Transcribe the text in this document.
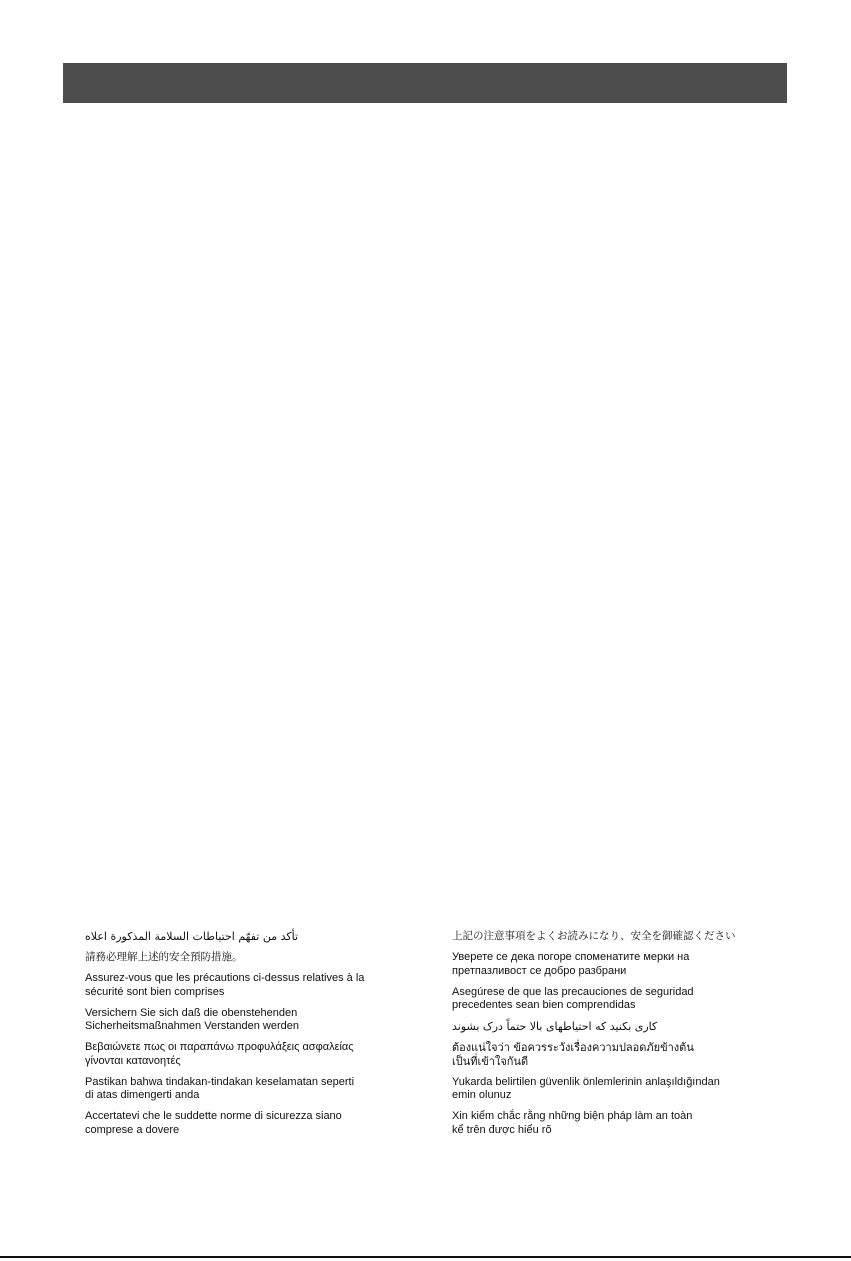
تأكد من تفهّم احتياطات السلامة المذكورة اعلاه

請務必理解上述的安全預防措施。

Assurez-vous que les précautions ci-dessus relatives à la
sécurité sont bien comprises

Versichern Sie sich daß die obenstehenden
Sicherheitsmaßnahmen Verstanden werden

Βεβαιώνετε πως οι παραπάνω προφυλάξεις ασφαλείας
γίνονται κατανοητές

Pastikan bahwa tindakan-tindakan keselamatan seperti
di atas dimengerti anda

Accertatevi che le suddette norme di sicurezza siano
comprese a dovere

上記の注意事項をよくお読みになり、安全を御確認ください

Уверете се дека погоре споменатите мерки на
претпазливост се добро разбрани

Asegúrese de que las precauciones de seguridad
precedentes sean bien comprendidas

کاری بکنید که احتیاطهای بالا حتماً درک بشوند

ต้องแน่ใจว่า ข้อควรระวังเรื่องความปลอดภัยข้างต้น
เป็นที่เข้าใจกันดี

Yukarda belirtilen güvenlik önlemlerinin anlaşıldığından
emin olunuz

Xin kiểm chắc rằng những biện pháp làm an toàn
kể trên được hiểu rõ
